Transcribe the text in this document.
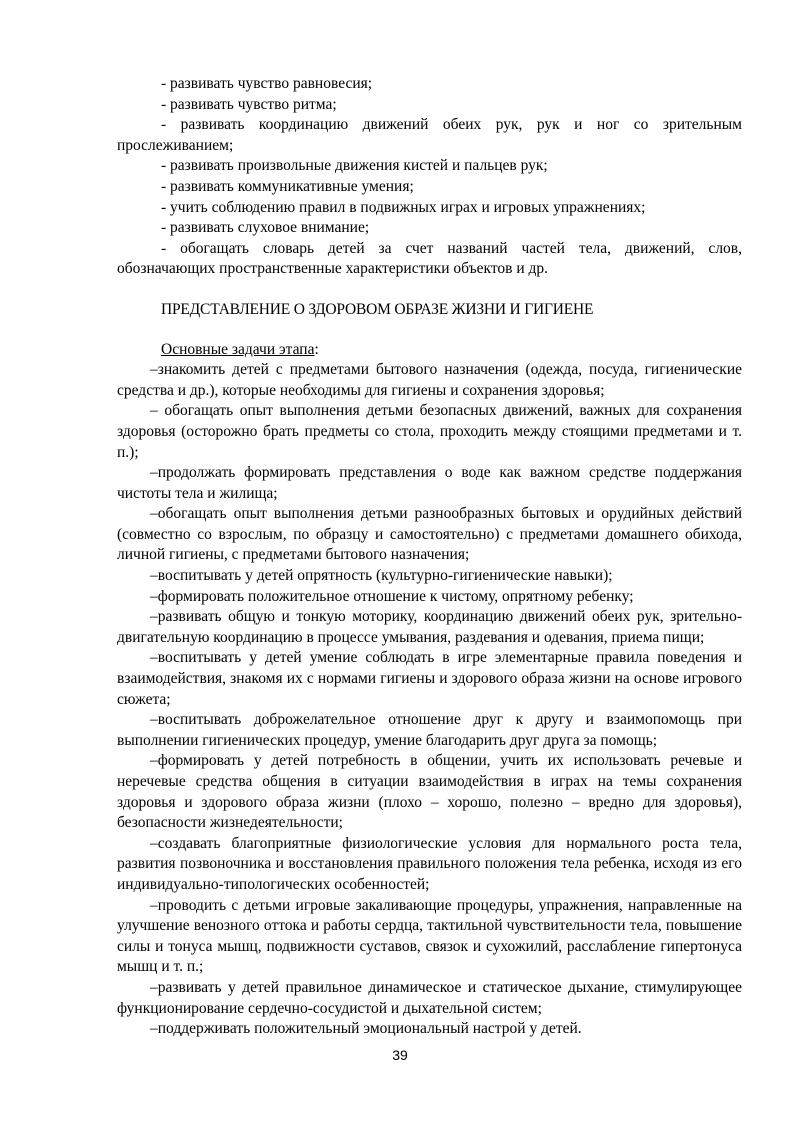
- развивать чувство равновесия;

- развивать чувство ритма;

- развивать координацию движений обеих рук, рук и ног со зрительным прослеживанием;

- развивать произвольные движения кистей и пальцев рук;

- развивать коммуникативные умения;

- учить соблюдению правил в подвижных играх и игровых упражнениях;

- развивать слуховое внимание;

- обогащать словарь детей за счет названий частей тела, движений, слов, обозначающих пространственные характеристики объектов и др.

ПРЕДСТАВЛЕНИЕ О ЗДОРОВОМ ОБРАЗЕ ЖИЗНИ И ГИГИЕНЕ

Основные задачи этапа:

–знакомить детей с предметами бытового назначения (одежда, посуда, гигиенические средства и др.), которые необходимы для гигиены и сохранения здоровья;

– обогащать опыт выполнения детьми безопасных движений, важных для сохранения здоровья (осторожно брать предметы со стола, проходить между стоящими предметами и т. п.);

–продолжать формировать представления о воде как важном средстве поддержания чистоты тела и жилища;

–обогащать опыт выполнения детьми разнообразных бытовых и орудийных действий (совместно со взрослым, по образцу и самостоятельно) с предметами домашнего обихода, личной гигиены, с предметами бытового назначения;

–воспитывать у детей опрятность (культурно-гигиенические навыки);

–формировать положительное отношение к чистому, опрятному ребенку;

–развивать общую и тонкую моторику, координацию движений обеих рук, зрительно-двигательную координацию в процессе умывания, раздевания и одевания, приема пищи;

–воспитывать у детей умение соблюдать в игре элементарные правила поведения и взаимодействия, знакомя их с нормами гигиены и здорового образа жизни на основе игрового сюжета;

–воспитывать доброжелательное отношение друг к другу и взаимопомощь при выполнении гигиенических процедур, умение благодарить друг друга за помощь;

–формировать у детей потребность в общении, учить их использовать речевые и неречевые средства общения в ситуации взаимодействия в играх на темы сохранения здоровья и здорового образа жизни (плохо – хорошо, полезно – вредно для здоровья), безопасности жизнедеятельности;

–создавать благоприятные физиологические условия для нормального роста тела, развития позвоночника и восстановления правильного положения тела ребенка, исходя из его индивидуально-типологических особенностей;

–проводить с детьми игровые закаливающие процедуры, упражнения, направленные на улучшение венозного оттока и работы сердца, тактильной чувствительности тела, повышение силы и тонуса мышц, подвижности суставов, связок и сухожилий, расслабление гипертонуса мышц и т. п.;

–развивать у детей правильное динамическое и статическое дыхание, стимулирующее функционирование сердечно-сосудистой и дыхательной систем;

–поддерживать положительный эмоциональный настрой у детей.

39
